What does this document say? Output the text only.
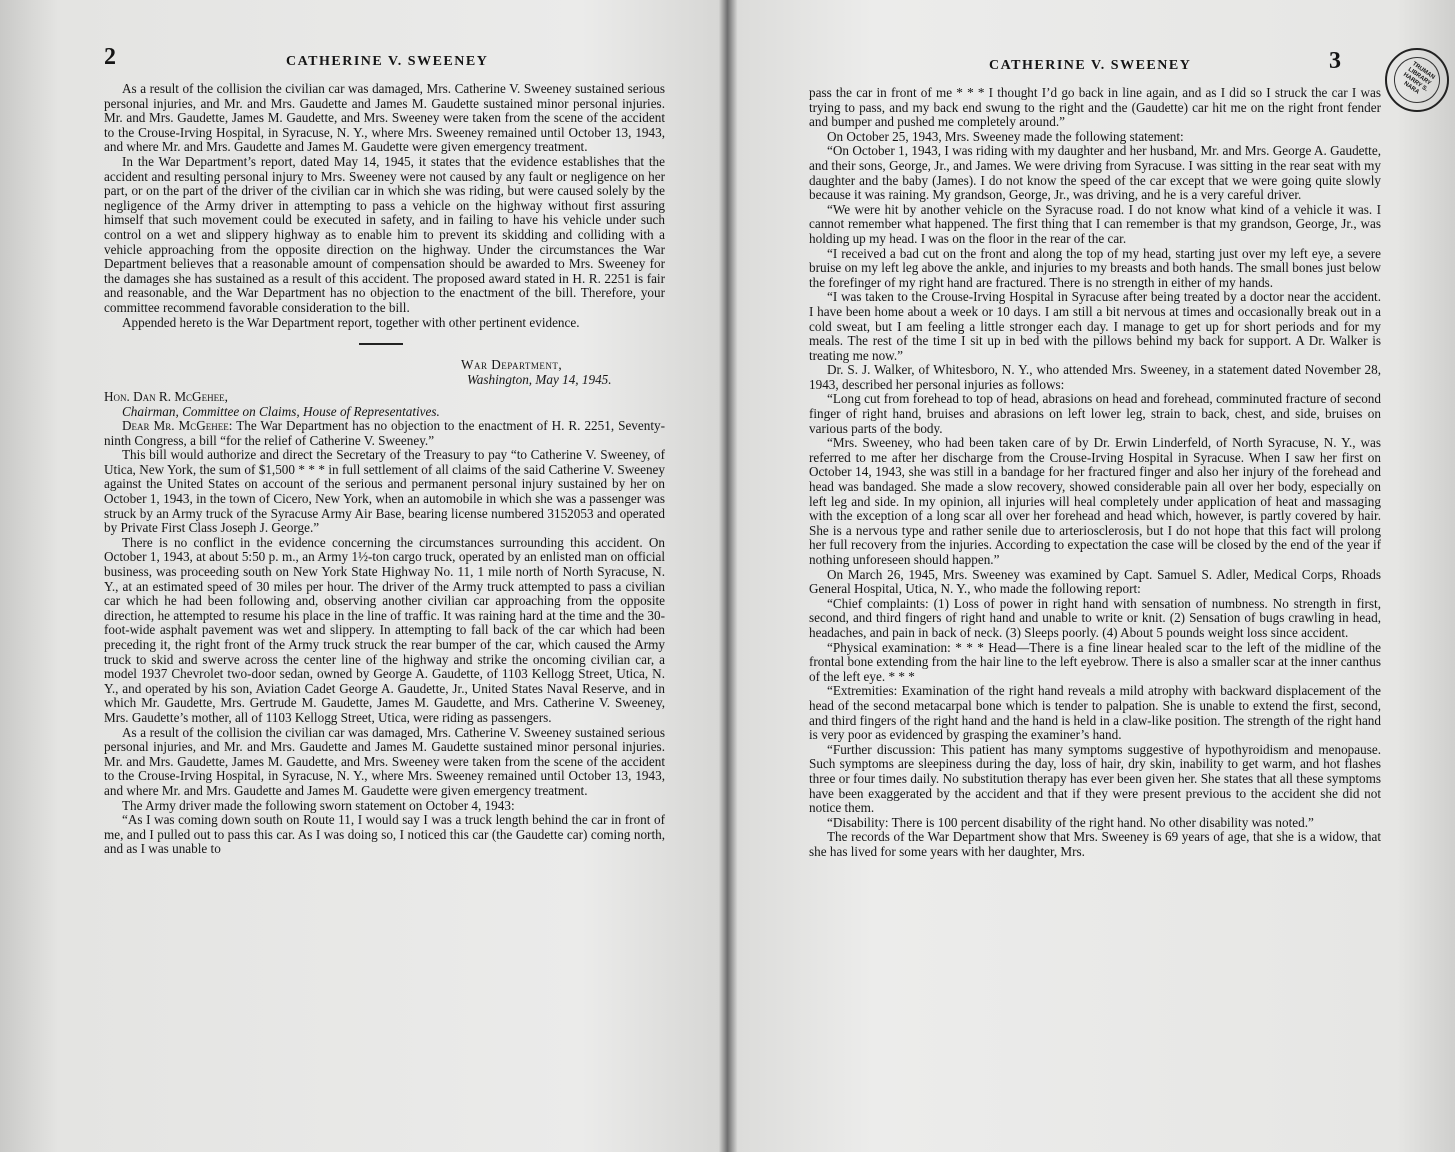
2	CATHERINE V. SWEENEY

As a result of the collision the civilian car was damaged, Mrs. Catherine V. Sweeney sustained serious personal injuries, and Mr. and Mrs. Gaudette and James M. Gaudette sustained minor personal injuries. Mr. and Mrs. Gaudette, James M. Gaudette, and Mrs. Sweeney were taken from the scene of the accident to the Crouse-Irving Hospital, in Syracuse, N. Y., where Mrs. Sweeney remained until October 13, 1943, and where Mr. and Mrs. Gaudette and James M. Gaudette were given emergency treatment.

In the War Department’s report, dated May 14, 1945, it states that the evidence establishes that the accident and resulting personal injury to Mrs. Sweeney were not caused by any fault or negligence on her part, or on the part of the driver of the civilian car in which she was riding, but were caused solely by the negligence of the Army driver in attempting to pass a vehicle on the highway without first assuring himself that such movement could be executed in safety, and in failing to have his vehicle under such control on a wet and slippery highway as to enable him to prevent its skidding and colliding with a vehicle approaching from the opposite direction on the highway. Under the circumstances the War Department believes that a reasonable amount of compensation should be awarded to Mrs. Sweeney for the damages she has sustained as a result of this accident. The proposed award stated in H. R. 2251 is fair and reasonable, and the War Department has no objection to the enactment of the bill. Therefore, your committee recommend favorable consideration to the bill.

Appended hereto is the War Department report, together with other pertinent evidence.

War Department,
Washington, May 14, 1945.
Hon. Dan R. McGehee,
Chairman, Committee on Claims, House of Representatives.

Dear Mr. McGehee: The War Department has no objection to the enactment of H. R. 2251, Seventy-ninth Congress, a bill “for the relief of Catherine V. Sweeney.”

This bill would authorize and direct the Secretary of the Treasury to pay “to Catherine V. Sweeney, of Utica, New York, the sum of $1,500 * * * in full settlement of all claims of the said Catherine V. Sweeney against the United States on account of the serious and permanent personal injury sustained by her on October 1, 1943, in the town of Cicero, New York, when an automobile in which she was a passenger was struck by an Army truck of the Syracuse Army Air Base, bearing license numbered 3152053 and operated by Private First Class Joseph J. George.”

There is no conflict in the evidence concerning the circumstances surrounding this accident. On October 1, 1943, at about 5:50 p. m., an Army 1½-ton cargo truck, operated by an enlisted man on official business, was proceeding south on New York State Highway No. 11, 1 mile north of North Syracuse, N. Y., at an estimated speed of 30 miles per hour. The driver of the Army truck attempted to pass a civilian car which he had been following and, observing another civilian car approaching from the opposite direction, he attempted to resume his place in the line of traffic. It was raining hard at the time and the 30-foot-wide asphalt pavement was wet and slippery. In attempting to fall back of the car which had been preceding it, the right front of the Army truck struck the rear bumper of the car, which caused the Army truck to skid and swerve across the center line of the highway and strike the oncoming civilian car, a model 1937 Chevrolet two-door sedan, owned by George A. Gaudette, of 1103 Kellogg Street, Utica, N. Y., and operated by his son, Aviation Cadet George A. Gaudette, Jr., United States Naval Reserve, and in which Mr. Gaudette, Mrs. Gertrude M. Gaudette, James M. Gaudette, and Mrs. Catherine V. Sweeney, Mrs. Gaudette’s mother, all of 1103 Kellogg Street, Utica, were riding as passengers.

As a result of the collision the civilian car was damaged, Mrs. Catherine V. Sweeney sustained serious personal injuries, and Mr. and Mrs. Gaudette and James M. Gaudette sustained minor personal injuries. Mr. and Mrs. Gaudette, James M. Gaudette, and Mrs. Sweeney were taken from the scene of the accident to the Crouse-Irving Hospital, in Syracuse, N. Y., where Mrs. Sweeney remained until October 13, 1943, and where Mr. and Mrs. Gaudette and James M. Gaudette were given emergency treatment.

The Army driver made the following sworn statement on October 4, 1943:

“As I was coming down south on Route 11, I would say I was a truck length behind the car in front of me, and I pulled out to pass this car. As I was doing so, I noticed this car (the Gaudette car) coming north, and as I was unable to

TRUMAN LIBRARY HARRY S. NARA
CATHERINE V. SWEENEY	3

pass the car in front of me * * * I thought I’d go back in line again, and as I did so I struck the car I was trying to pass, and my back end swung to the right and the (Gaudette) car hit me on the right front fender and bumper and pushed me completely around.”

On October 25, 1943, Mrs. Sweeney made the following statement:

“On October 1, 1943, I was riding with my daughter and her husband, Mr. and Mrs. George A. Gaudette, and their sons, George, Jr., and James. We were driving from Syracuse. I was sitting in the rear seat with my daughter and the baby (James). I do not know the speed of the car except that we were going quite slowly because it was raining. My grandson, George, Jr., was driving, and he is a very careful driver.

“We were hit by another vehicle on the Syracuse road. I do not know what kind of a vehicle it was. I cannot remember what happened. The first thing that I can remember is that my grandson, George, Jr., was holding up my head. I was on the floor in the rear of the car.

“I received a bad cut on the front and along the top of my head, starting just over my left eye, a severe bruise on my left leg above the ankle, and injuries to my breasts and both hands. The small bones just below the forefinger of my right hand are fractured. There is no strength in either of my hands.

“I was taken to the Crouse-Irving Hospital in Syracuse after being treated by a doctor near the accident. I have been home about a week or 10 days. I am still a bit nervous at times and occasionally break out in a cold sweat, but I am feeling a little stronger each day. I manage to get up for short periods and for my meals. The rest of the time I sit up in bed with the pillows behind my back for support. A Dr. Walker is treating me now.”

Dr. S. J. Walker, of Whitesboro, N. Y., who attended Mrs. Sweeney, in a statement dated November 28, 1943, described her personal injuries as follows:

“Long cut from forehead to top of head, abrasions on head and forehead, comminuted fracture of second finger of right hand, bruises and abrasions on left lower leg, strain to back, chest, and side, bruises on various parts of the body.

“Mrs. Sweeney, who had been taken care of by Dr. Erwin Linderfeld, of North Syracuse, N. Y., was referred to me after her discharge from the Crouse-Irving Hospital in Syracuse. When I saw her first on October 14, 1943, she was still in a bandage for her fractured finger and also her injury of the forehead and head was bandaged. She made a slow recovery, showed considerable pain all over her body, especially on left leg and side. In my opinion, all injuries will heal completely under application of heat and massaging with the exception of a long scar all over her forehead and head which, however, is partly covered by hair. She is a nervous type and rather senile due to arteriosclerosis, but I do not hope that this fact will prolong her full recovery from the injuries. According to expectation the case will be closed by the end of the year if nothing unforeseen should happen.”

On March 26, 1945, Mrs. Sweeney was examined by Capt. Samuel S. Adler, Medical Corps, Rhoads General Hospital, Utica, N. Y., who made the following report:

“Chief complaints: (1) Loss of power in right hand with sensation of numbness. No strength in first, second, and third fingers of right hand and unable to write or knit. (2) Sensation of bugs crawling in head, headaches, and pain in back of neck. (3) Sleeps poorly. (4) About 5 pounds weight loss since accident.

“Physical examination: * * * Head—There is a fine linear healed scar to the left of the midline of the frontal bone extending from the hair line to the left eyebrow. There is also a smaller scar at the inner canthus of the left eye. * * *

“Extremities: Examination of the right hand reveals a mild atrophy with backward displacement of the head of the second metacarpal bone which is tender to palpation. She is unable to extend the first, second, and third fingers of the right hand and the hand is held in a claw-like position. The strength of the right hand is very poor as evidenced by grasping the examiner’s hand.

“Further discussion: This patient has many symptoms suggestive of hypothyroidism and menopause. Such symptoms are sleepiness during the day, loss of hair, dry skin, inability to get warm, and hot flashes three or four times daily. No substitution therapy has ever been given her. She states that all these symptoms have been exaggerated by the accident and that if they were present previous to the accident she did not notice them.

“Disability: There is 100 percent disability of the right hand. No other disability was noted.”

The records of the War Department show that Mrs. Sweeney is 69 years of age, that she is a widow, that she has lived for some years with her daughter, Mrs.
